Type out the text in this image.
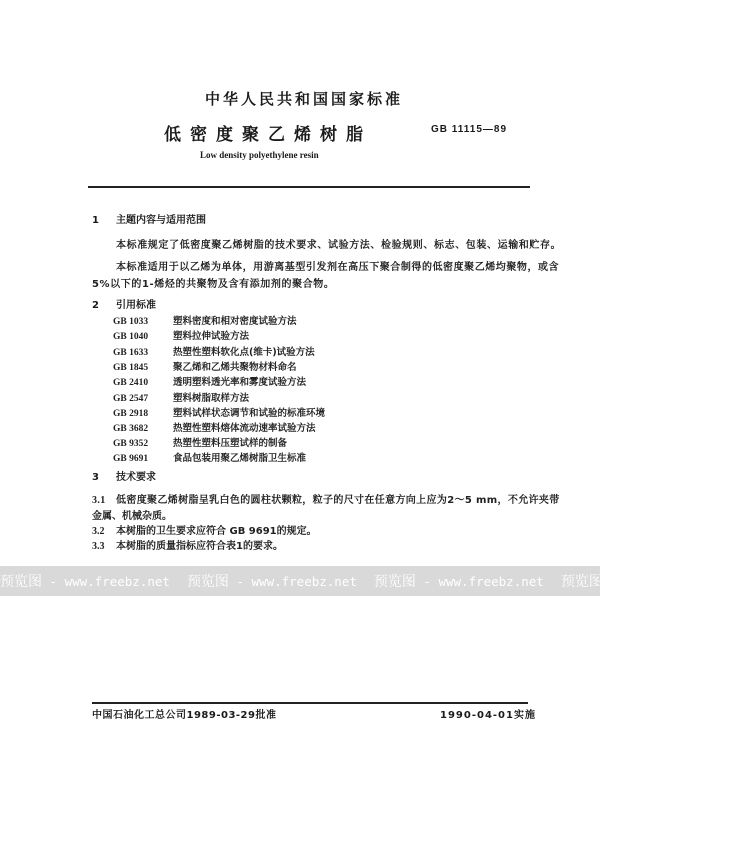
中华人民共和国国家标准
低密度聚乙烯树脂	GB 11115—89
Low density polyethylene resin
1 主题内容与适用范围
本标准规定了低密度聚乙烯树脂的技术要求、试验方法、检验规则、标志、包装、运输和贮存。
本标准适用于以乙烯为单体，用游离基型引发剂在高压下聚合制得的低密度聚乙烯均聚物，或含
5%以下的1-烯烃的共聚物及含有添加剂的聚合物。
2 引用标准
GB 1033	塑料密度和相对密度试验方法
GB 1040	塑料拉伸试验方法
GB 1633	热塑性塑料软化点(维卡)试验方法
GB 1845	聚乙烯和乙烯共聚物材料命名
GB 2410	透明塑料透光率和雾度试验方法
GB 2547	塑料树脂取样方法
GB 2918	塑料试样状态调节和试验的标准环境
GB 3682	热塑性塑料熔体流动速率试验方法
GB 9352	热塑性塑料压塑试样的制备
GB 9691	食品包装用聚乙烯树脂卫生标准
3 技术要求
3.1 低密度聚乙烯树脂呈乳白色的圆柱状颗粒，粒子的尺寸在任意方向上应为2～5 mm，不允许夹带
金属、机械杂质。
3.2 本树脂的卫生要求应符合 GB 9691的规定。
3.3 本树脂的质量指标应符合表1的要求。
预览图 - www.freebz.net 预览图 - www.freebz.net 预览图 - www.freebz.net 预览图 - www.freebz.net
中国石油化工总公司1989-03-29批准	1990-04-01实施
